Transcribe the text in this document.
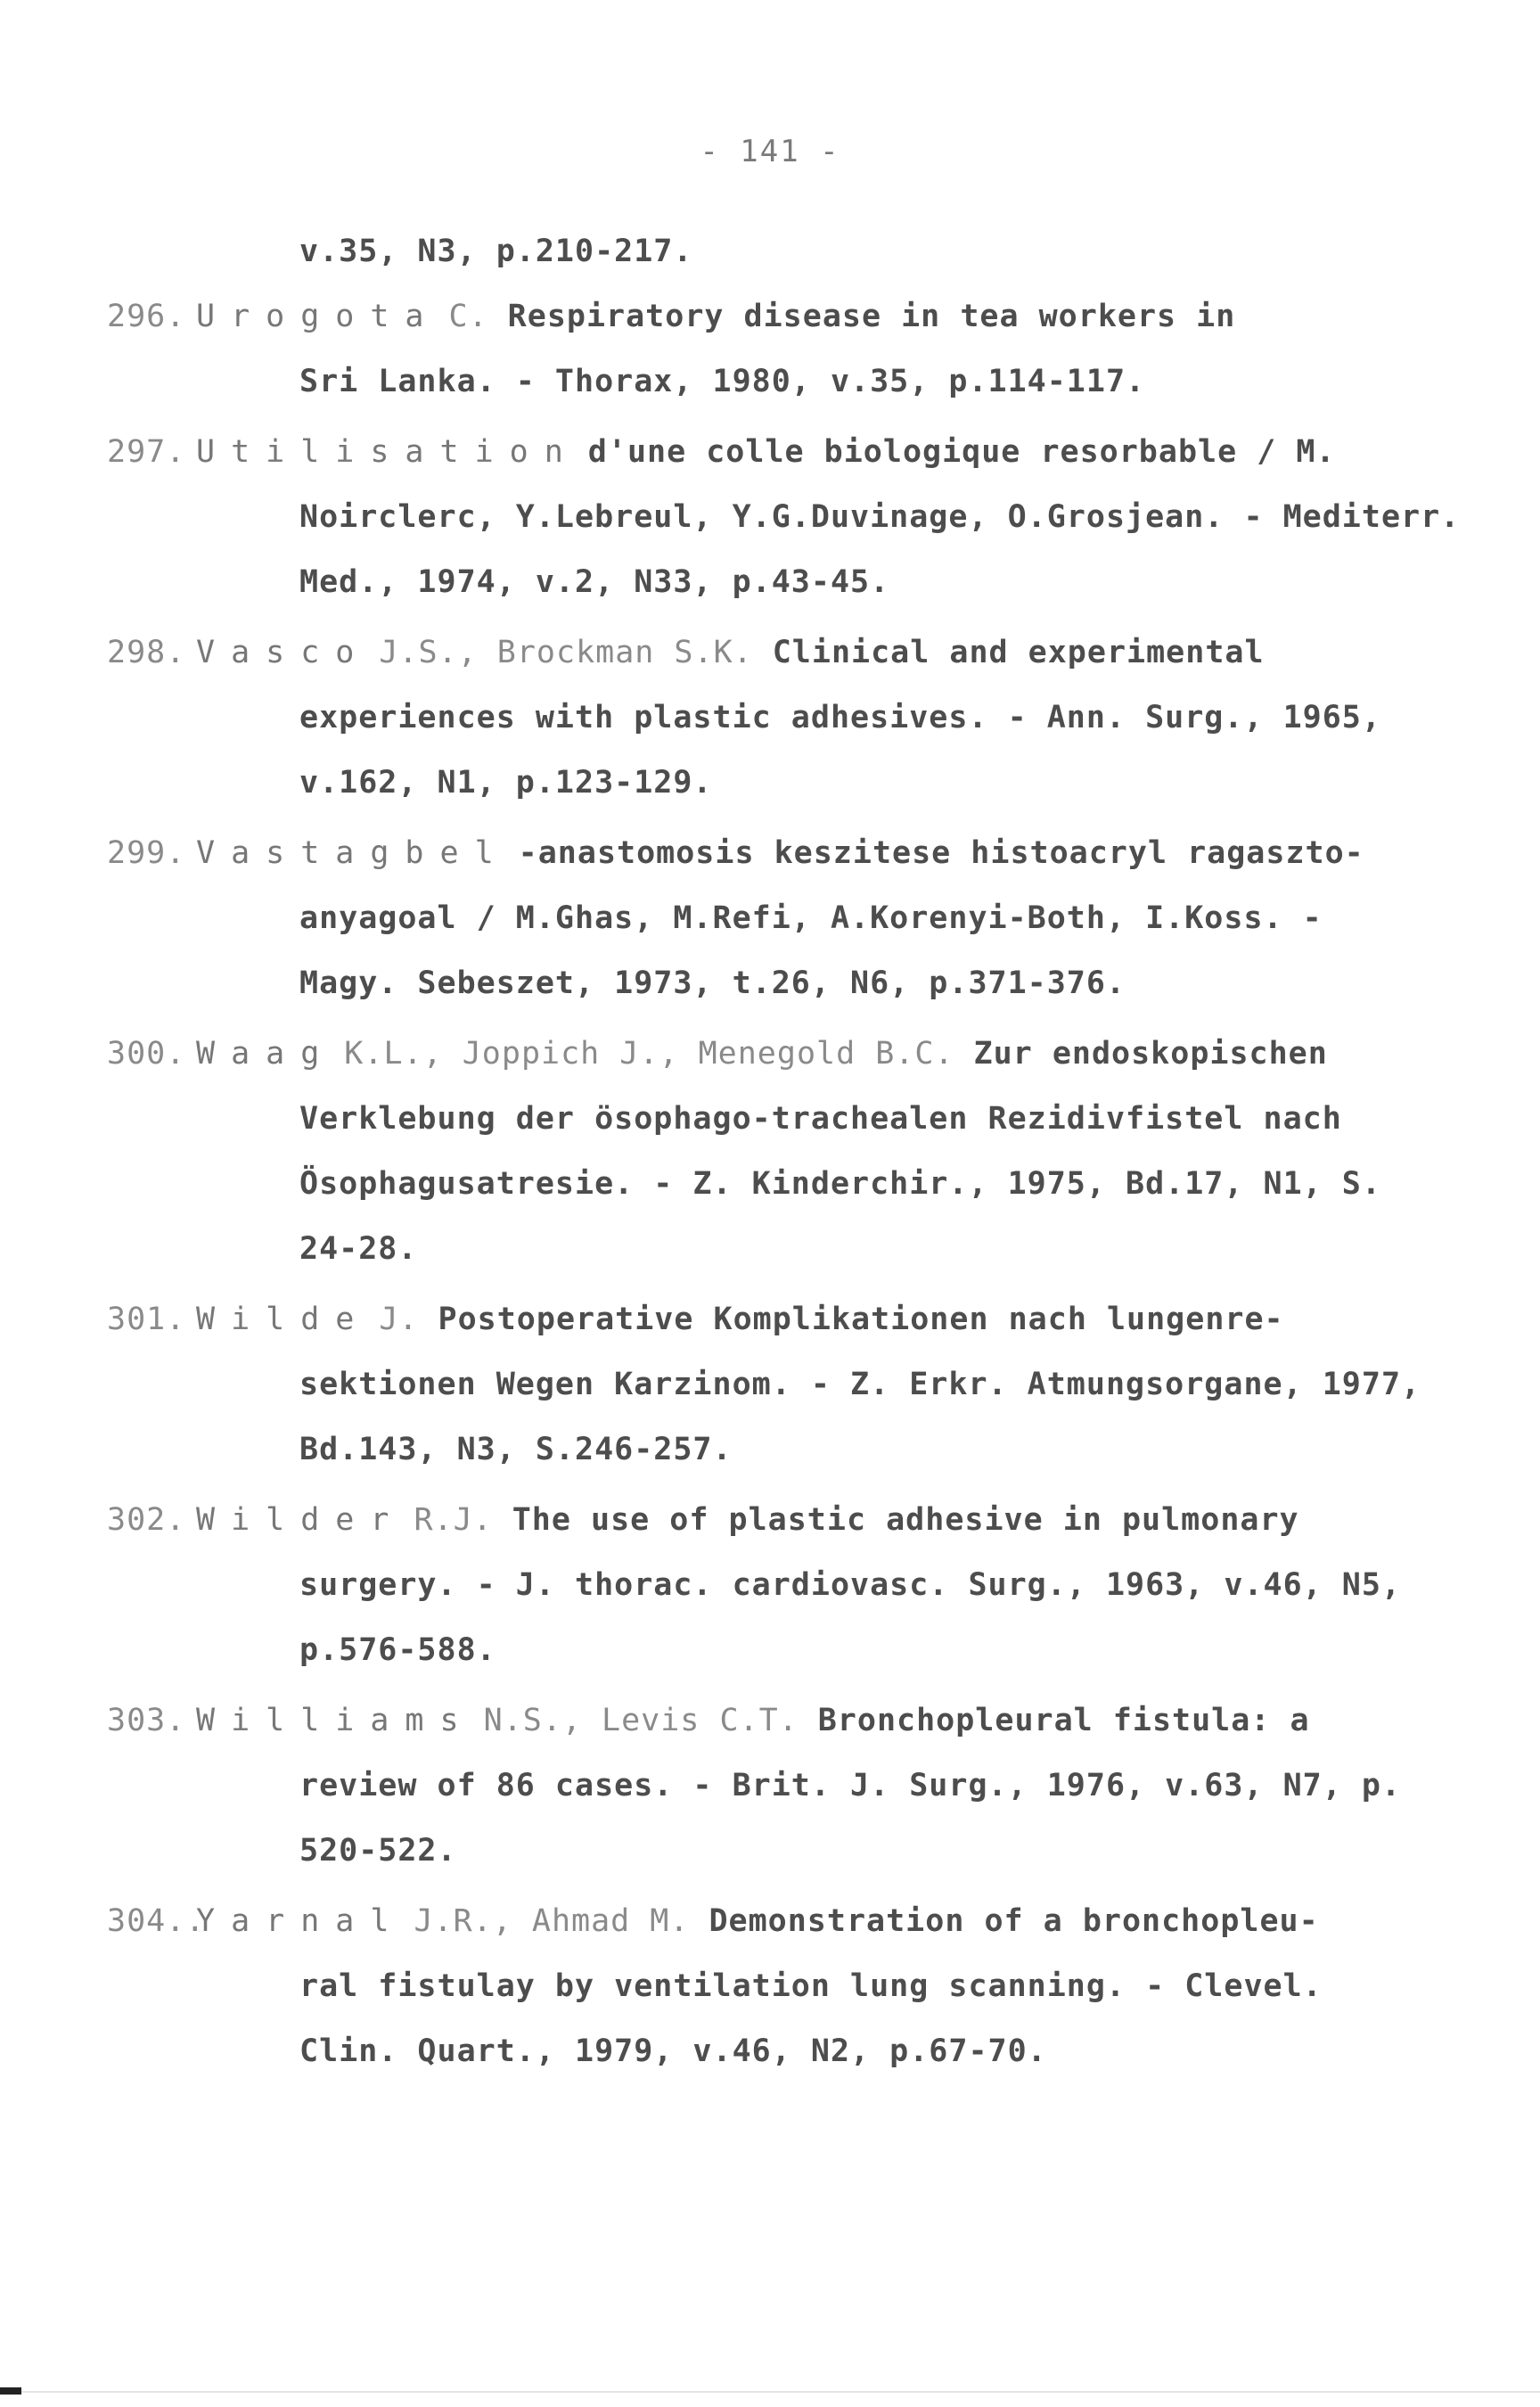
- 141 -
v.35, N3, p.210-217.
296. Urogota C. Respiratory disease in tea workers in
Sri Lanka. - Thorax, 1980, v.35, p.114-117.
297. Utilisation d'une colle biologique resorbable / M.
Noirclerc, Y.Lebreul, Y.G.Duvinage, O.Grosjean. - Mediterr.
Med., 1974, v.2, N33, p.43-45.
298. Vasco J.S., Brockman S.K. Clinical and experimental
experiences with plastic adhesives. - Ann. Surg., 1965,
v.162, N1, p.123-129.
299. Vastagbel -anastomosis keszitese histoacryl ragaszto-
anyagoal / M.Ghas, M.Refi, A.Korenyi-Both, I.Koss. -
Magy. Sebeszet, 1973, t.26, N6, p.371-376.
300. Waag K.L., Joppich J., Menegold B.C. Zur endoskopischen
Verklebung der ösophago-trachealen Rezidivfistel nach
Ösophagusatresie. - Z. Kinderchir., 1975, Bd.17, N1, S.
24-28.
301. Wilde J. Postoperative Komplikationen nach lungenre-
sektionen Wegen Karzinom. - Z. Erkr. Atmungsorgane, 1977,
Bd.143, N3, S.246-257.
302. Wilder R.J. The use of plastic adhesive in pulmonary
surgery. - J. thorac. cardiovasc. Surg., 1963, v.46, N5,
p.576-588.
303. Williams N.S., Levis C.T. Bronchopleural fistula: a
review of 86 cases. - Brit. J. Surg., 1976, v.63, N7, p.
520-522.
304..
Yarnal J.R., Ahmad M. Demonstration of a bronchopleu-
ral fistulay by ventilation lung scanning. - Clevel.
Clin. Quart., 1979, v.46, N2, p.67-70.
